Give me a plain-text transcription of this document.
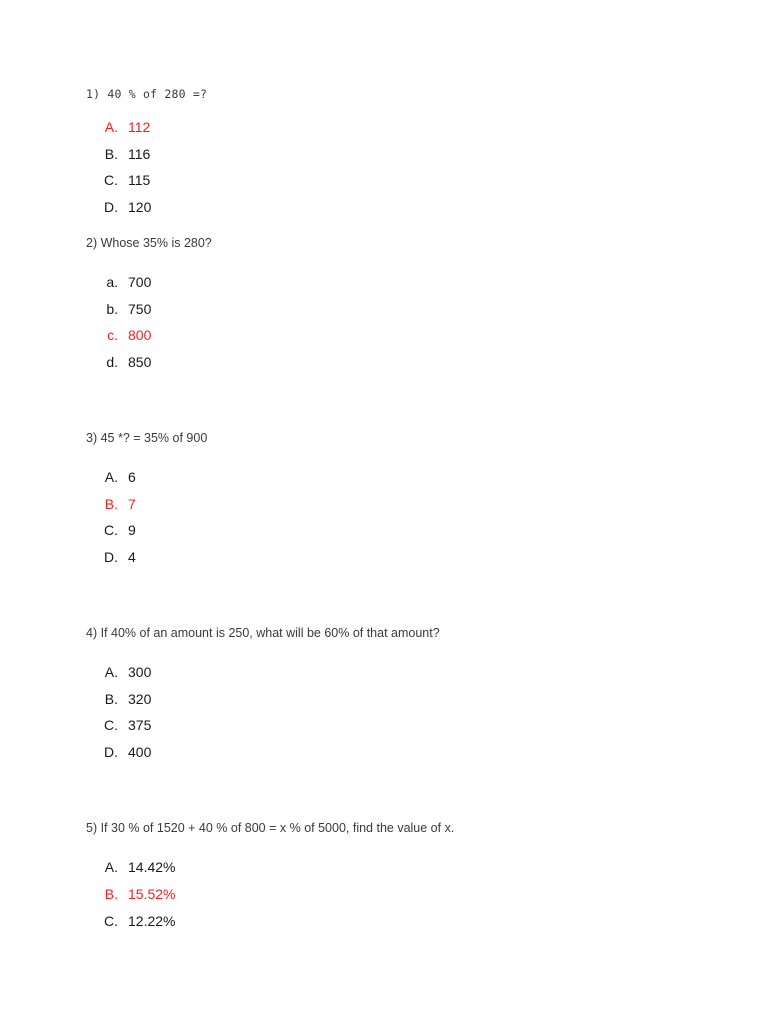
1) 40 % of 280 =?
A. 112
B. 116
C. 115
D. 120
2) Whose 35% is 280?
a. 700
b. 750
c. 800
d. 850
3) 45 *? = 35% of 900
A. 6
B. 7
C. 9
D. 4
4) If 40% of an amount is 250, what will be 60% of that amount?
A. 300
B. 320
C. 375
D. 400
5) If 30 % of 1520 + 40 % of 800 = x % of 5000, find the value of x.
A. 14.42%
B. 15.52%
C. 12.22%
